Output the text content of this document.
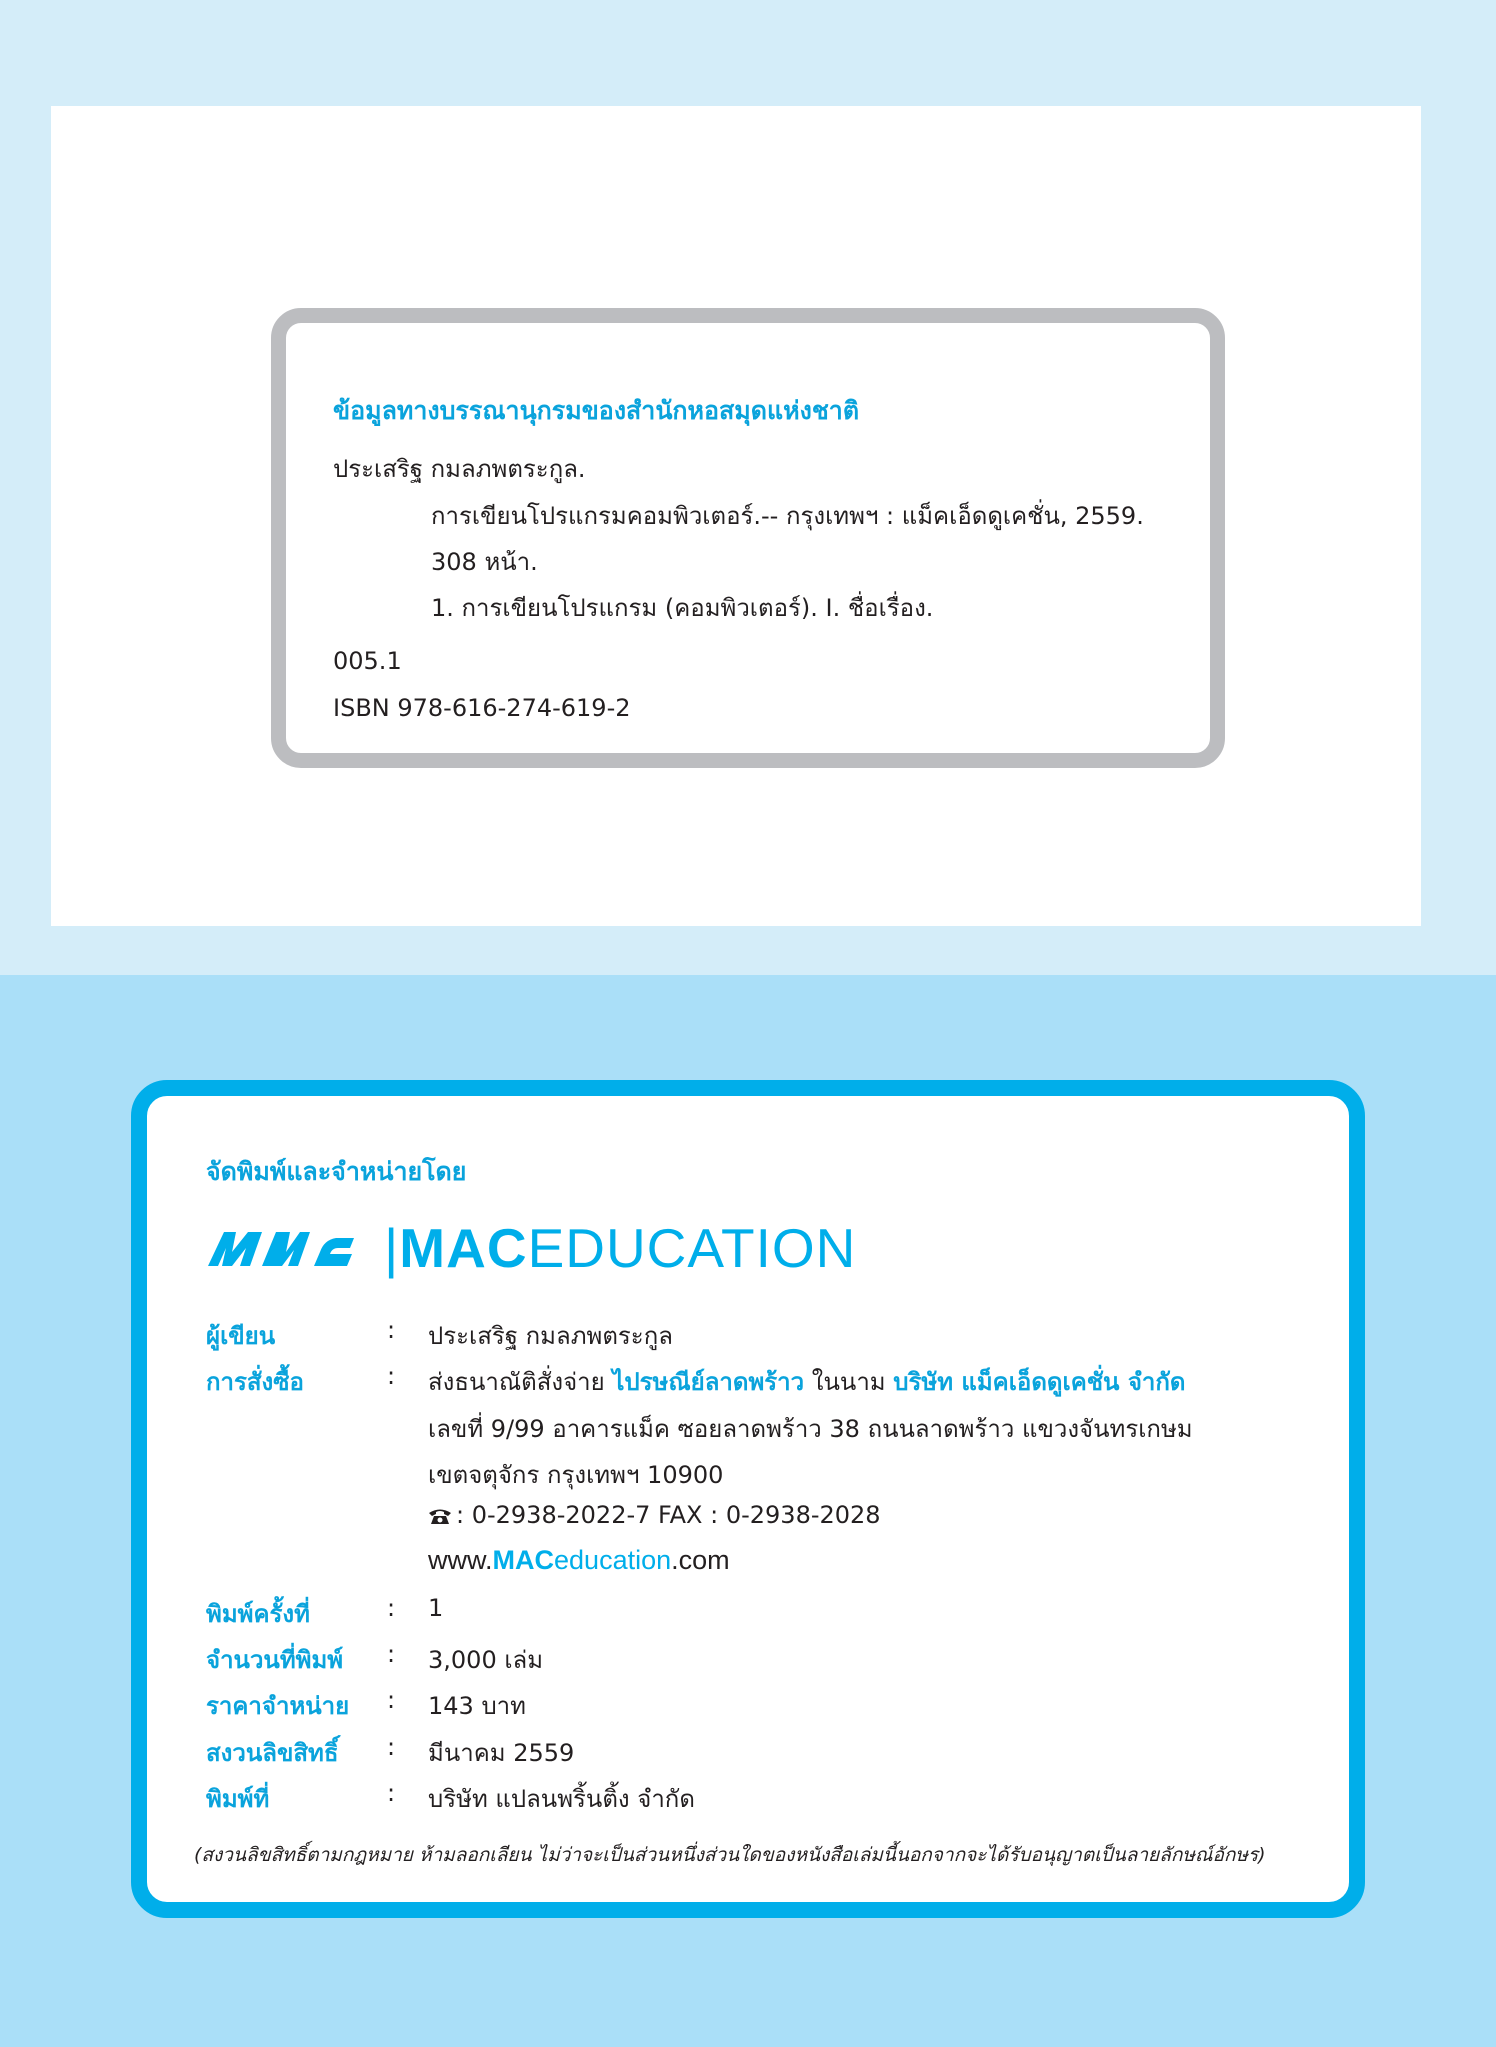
ข้อมูลทางบรรณานุกรมของสำนักหอสมุดแห่งชาติ
ประเสริฐ กมลภพตระกูล.
การเขียนโปรแกรมคอมพิวเตอร์.-- กรุงเทพฯ : แม็คเอ็ดดูเคชั่น, 2559.
308 หน้า.
1. การเขียนโปรแกรม (คอมพิวเตอร์). I. ชื่อเรื่อง.
005.1
ISBN 978-616-274-619-2
จัดพิมพ์และจำหน่ายโดย
|MACEDUCATION
ผู้เขียน	: ประเสริฐ กมลภพตระกูล
การสั่งซื้อ	: ส่งธนาณัติสั่งจ่าย ไปรษณีย์ลาดพร้าว ในนาม บริษัท แม็คเอ็ดดูเคชั่น จำกัด
เลขที่ 9/99 อาคารแม็ค ซอยลาดพร้าว 38 ถนนลาดพร้าว แขวงจันทรเกษม
เขตจตุจักร กรุงเทพฯ 10900
: 0-2938-2022-7 FAX : 0-2938-2028
www.MACeducation.com
พิมพ์ครั้งที่	: 1
จำนวนที่พิมพ์ : 3,000 เล่ม
ราคาจำหน่าย : 143 บาท
สงวนลิขสิทธิ์ : มีนาคม 2559
พิมพ์ที่	: บริษัท แปลนพริ้นติ้ง จำกัด
(สงวนลิขสิทธิ์ตามกฎหมาย ห้ามลอกเลียน ไม่ว่าจะเป็นส่วนหนึ่งส่วนใดของหนังสือเล่มนี้นอกจากจะได้รับอนุญาตเป็นลายลักษณ์อักษร)
